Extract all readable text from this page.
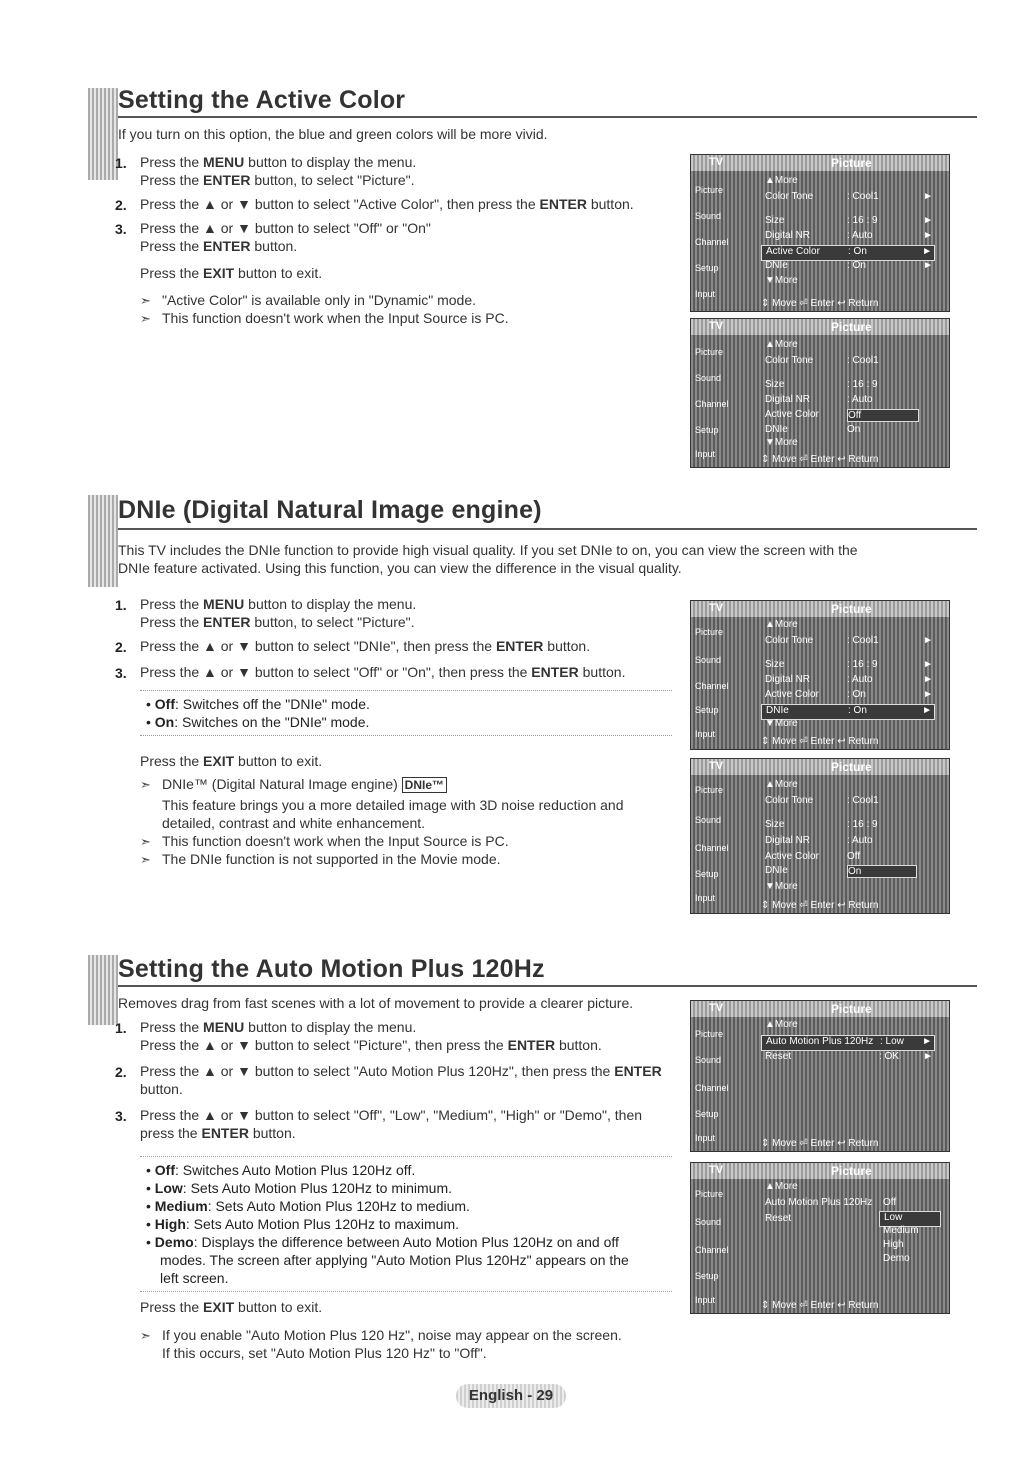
Setting the Active Color
If you turn on this option, the blue and green colors will be more vivid.
1. Press the MENU button to display the menu.
Press the ENTER button, to select "Picture".
2. Press the ▲ or ▼ button to select "Active Color", then press the ENTER button.
3. Press the ▲ or ▼ button to select "Off" or "On"
Press the ENTER button.
Press the EXIT button to exit.
➣ "Active Color" is available only in "Dynamic" mode.
➣ This function doesn't work when the Input Source is PC.
TV	Picture
Picture
Sound
Channel
Setup
Input
▲More
Color Tone	: Cool1	►
Size	: 16 : 9	►
Digital NR	: Auto	►
Active Color	: On	►
DNIe	: On	►
▼More
⇕ Move ⏎ Enter ↩ Return
TV	Picture
Picture
Sound
Channel
Setup
Input
▲More
Color Tone	: Cool1
Size	: 16 : 9
Digital NR	: Auto
Active Color	Off
DNIe	On
▼More
⇕ Move ⏎ Enter ↩ Return
DNIe (Digital Natural Image engine)
This TV includes the DNIe function to provide high visual quality. If you set DNIe to on, you can view the screen with the
DNIe feature activated. Using this function, you can view the difference in the visual quality.
1. Press the MENU button to display the menu.
Press the ENTER button, to select "Picture".
2. Press the ▲ or ▼ button to select "DNIe", then press the ENTER button.
3. Press the ▲ or ▼ button to select "Off" or "On", then press the ENTER button.
• Off: Switches off the "DNIe" mode.
• On: Switches on the "DNIe" mode.
Press the EXIT button to exit.
➣ DNIe™ (Digital Natural Image engine) DNIe™
This feature brings you a more detailed image with 3D noise reduction and
detailed, contrast and white enhancement.
➣ This function doesn't work when the Input Source is PC.
➣ The DNIe function is not supported in the Movie mode.
TV	Picture
Picture
Sound
Channel
Setup
Input
▲More
Color Tone	: Cool1	►
Size	: 16 : 9	►
Digital NR	: Auto	►
Active Color	: On	►
DNIe	: On	►
▼More
⇕ Move ⏎ Enter ↩ Return
TV	Picture
Picture
Sound
Channel
Setup
Input
▲More
Color Tone	: Cool1
Size	: 16 : 9
Digital NR	: Auto
Active Color	Off
DNIe	On
▼More
⇕ Move ⏎ Enter ↩ Return
Setting the Auto Motion Plus 120Hz
Removes drag from fast scenes with a lot of movement to provide a clearer picture.
1. Press the MENU button to display the menu.
Press the ▲ or ▼ button to select "Picture", then press the ENTER button.
2. Press the ▲ or ▼ button to select "Auto Motion Plus 120Hz", then press the ENTER
button.
3. Press the ▲ or ▼ button to select "Off", "Low", "Medium", "High" or "Demo", then
press the ENTER button.
• Off: Switches Auto Motion Plus 120Hz off.
• Low: Sets Auto Motion Plus 120Hz to minimum.
• Medium: Sets Auto Motion Plus 120Hz to medium.
• High: Sets Auto Motion Plus 120Hz to maximum.
• Demo: Displays the difference between Auto Motion Plus 120Hz on and off
modes. The screen after applying "Auto Motion Plus 120Hz" appears on the
left screen.
Press the EXIT button to exit.
➣ If you enable "Auto Motion Plus 120 Hz", noise may appear on the screen.
If this occurs, set "Auto Motion Plus 120 Hz" to "Off".
TV	Picture
Picture
Sound
Channel
Setup
Input
▲More
Auto Motion Plus 120Hz : Low ►
Reset	: OK ►
⇕ Move ⏎ Enter ↩ Return
TV	Picture
Picture
Sound
Channel
Setup
Input
▲More
Auto Motion Plus 120Hz
Reset
Off
Low
Medium
High
Demo
⇕ Move ⏎ Enter ↩ Return
English - 29
